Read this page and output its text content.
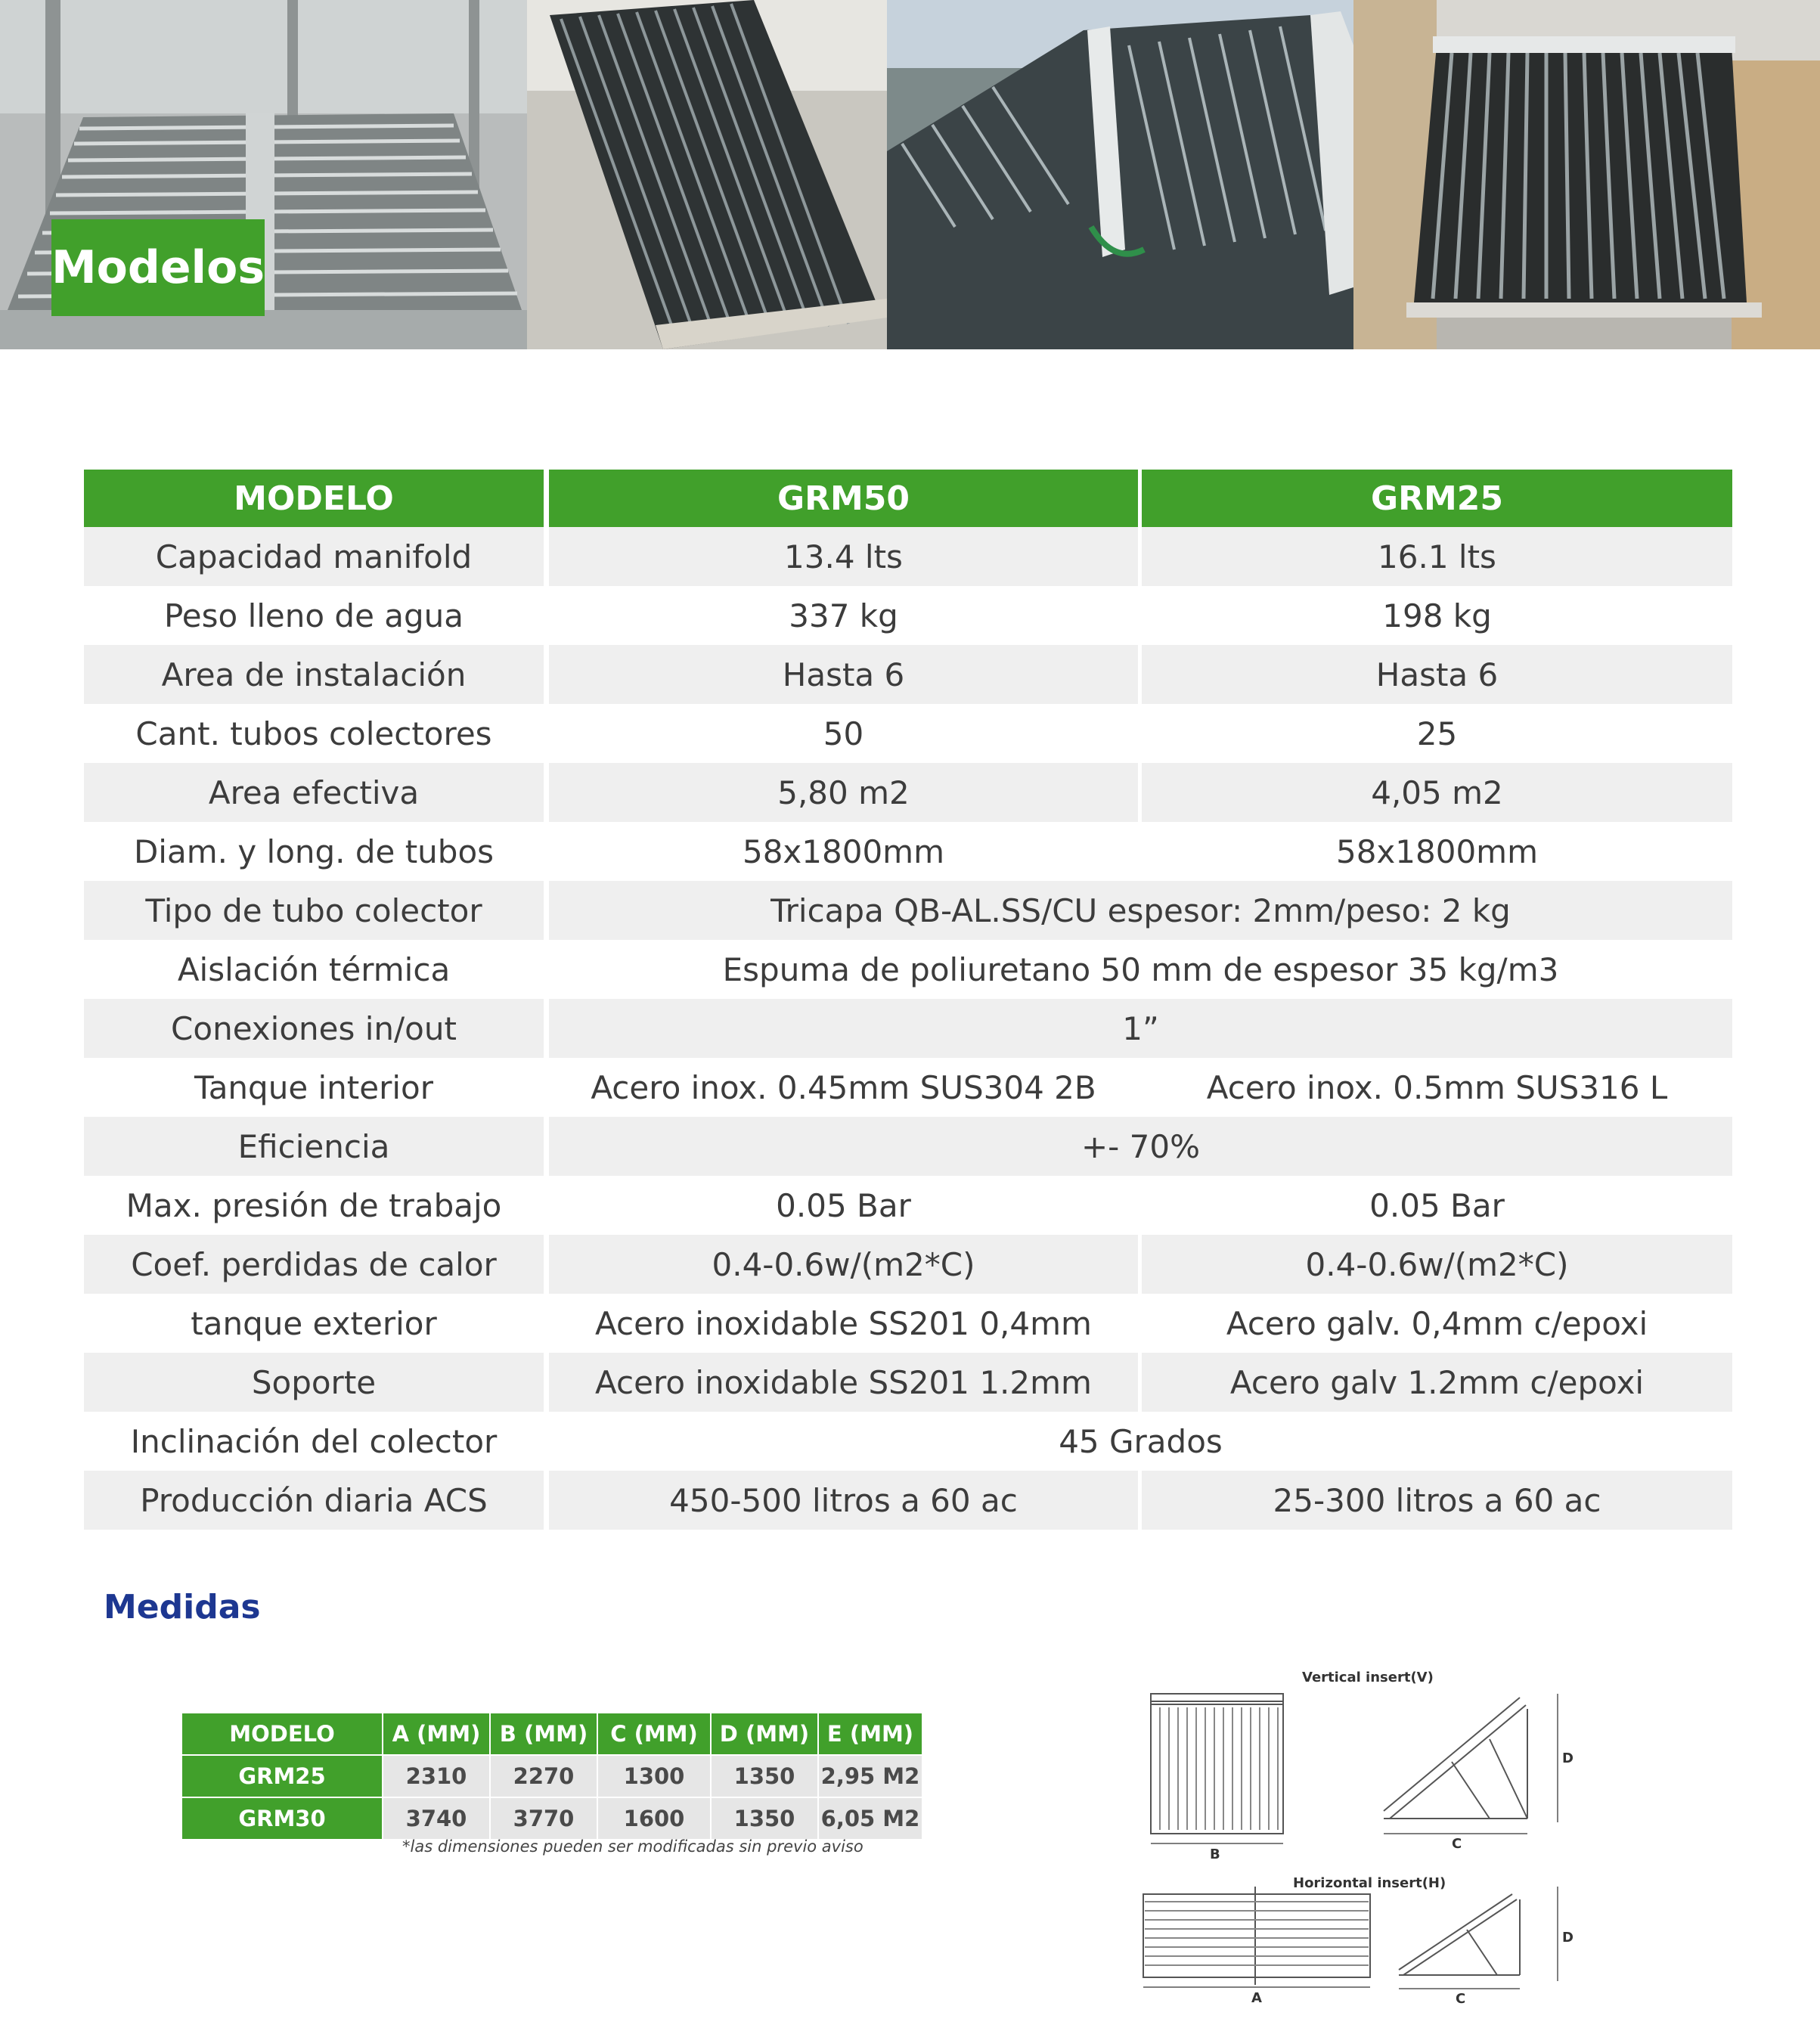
Modelos
MODELO	GRM50	GRM25
Capacidad manifold	13.4 lts	16.1 lts
Peso lleno de agua	337 kg	198 kg
Area de instalación	Hasta 6	Hasta 6
Cant. tubos colectores	50	25
Area efectiva	5,80 m2	4,05 m2
Diam. y long. de tubos	58x1800mm	58x1800mm
Tipo de tubo colector	Tricapa QB-AL.SS/CU espesor: 2mm/peso: 2 kg
Aislación térmica	Espuma de poliuretano 50 mm de espesor 35 kg/m3
Conexiones in/out	1”
Tanque interior	Acero inox. 0.45mm SUS304 2B	Acero inox. 0.5mm SUS316 L
Eficiencia	+- 70%
Max. presión de trabajo	0.05 Bar	0.05 Bar
Coef. perdidas de calor	0.4-0.6w/(m2*C)	0.4-0.6w/(m2*C)
tanque exterior	Acero inoxidable SS201 0,4mm	Acero galv. 0,4mm c/epoxi
Soporte	Acero inoxidable SS201 1.2mm	Acero galv 1.2mm c/epoxi
Inclinación del colector	45 Grados
Producción diaria ACS	450-500 litros a 60 ac	25-300 litros a 60 ac
Medidas
MODELO	A (MM) B (MM)	C (MM)	D (MM) E (MM)
GRM25	2310	2270	1300	1350	2,95 M2
GRM30	3740	3770	1600	1350	6,05 M2
*las dimensiones pueden ser modificadas sin previo aviso
Vertical insert(V)
Horizontal insert(H)
B
C
D
A	C
D
